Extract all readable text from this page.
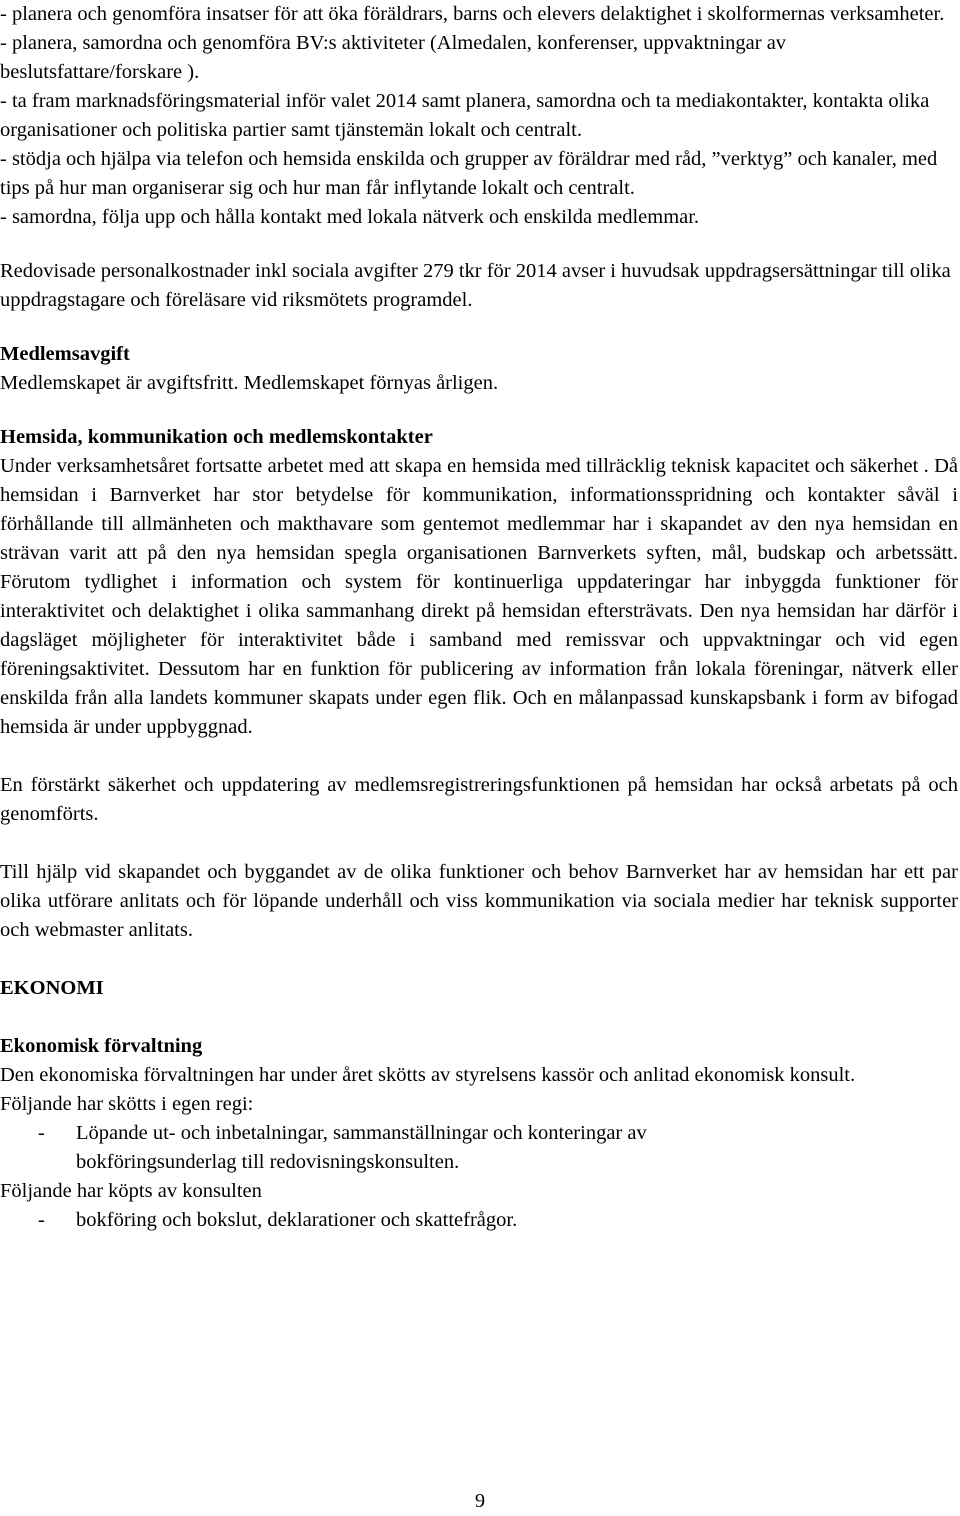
- planera och genomföra insatser för att öka föräldrars, barns och elevers delaktighet i skolformernas verksamheter.

- planera, samordna och genomföra BV:s aktiviteter (Almedalen, konferenser, uppvaktningar av beslutsfattare/forskare ).

- ta fram marknadsföringsmaterial inför valet 2014 samt planera, samordna och ta mediakontakter, kontakta olika organisationer och politiska partier samt tjänstemän lokalt och centralt.

- stödja och hjälpa via telefon och hemsida enskilda och grupper av föräldrar med råd, ”verktyg” och kanaler, med tips på hur man organiserar sig och hur man får inflytande lokalt och centralt.

- samordna, följa upp och hålla kontakt med lokala nätverk och enskilda medlemmar.

Redovisade personalkostnader inkl sociala avgifter 279 tkr för 2014 avser i huvudsak uppdragsersättningar till olika uppdragstagare och föreläsare vid riksmötets programdel.

Medlemsavgift

Medlemskapet är avgiftsfritt. Medlemskapet förnyas årligen.

Hemsida, kommunikation och medlemskontakter

Under verksamhetsåret fortsatte arbetet med att skapa en hemsida med tillräcklig teknisk kapacitet och säkerhet . Då hemsidan i Barnverket har stor betydelse för kommunikation, informationsspridning och kontakter såväl i förhållande till allmänheten och makthavare som gentemot medlemmar har i skapandet av den nya hemsidan en strävan varit att på den nya hemsidan spegla organisationen Barnverkets syften, mål, budskap och arbetssätt. Förutom tydlighet i information och system för kontinuerliga uppdateringar har inbyggda funktioner för interaktivitet och delaktighet i olika sammanhang direkt på hemsidan eftersträvats. Den nya hemsidan har därför i dagsläget möjligheter för interaktivitet både i samband med remissvar och uppvaktningar och vid egen föreningsaktivitet. Dessutom har en funktion för publicering av information från lokala föreningar, nätverk eller enskilda från alla landets kommuner skapats under egen flik. Och en målanpassad kunskapsbank i form av bifogad hemsida är under uppbyggnad.

En förstärkt säkerhet och uppdatering av medlemsregistreringsfunktionen på hemsidan har också arbetats på och genomförts.

Till hjälp vid skapandet och byggandet av de olika funktioner och behov Barnverket har av hemsidan har ett par olika utförare anlitats och för löpande underhåll och viss kommunikation via sociala medier har teknisk supporter och webmaster anlitats.

EKONOMI

Ekonomisk förvaltning

Den ekonomiska förvaltningen har under året skötts av styrelsens kassör och anlitad ekonomisk konsult.

Följande har skötts i egen regi:

- Löpande ut- och inbetalningar, sammanställningar och konteringar av bokföringsunderlag till redovisningskonsulten.

Följande har köpts av konsulten

- bokföring och bokslut, deklarationer och skattefrågor.
9
